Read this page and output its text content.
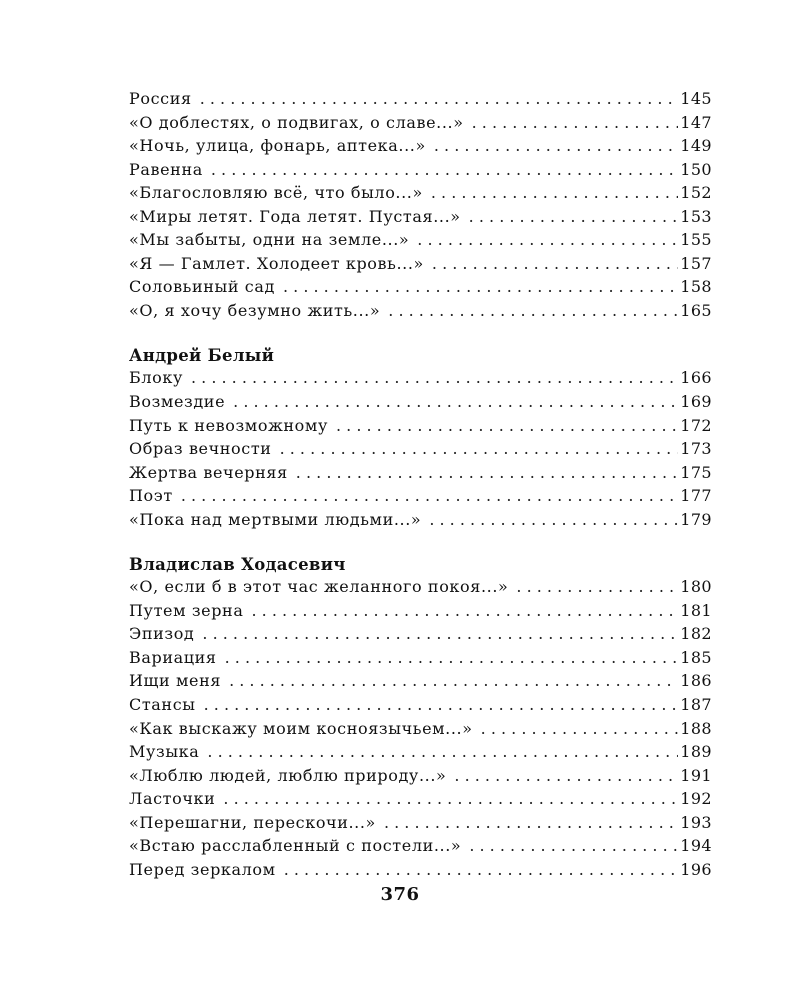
Россия . . .	145
«О доблестях, о подвигах, о славе...» . . .	147
«Ночь, улица, фонарь, аптека...» . . .	149
Равенна . . .	150
«Благословляю всё, что было...» . . .	152
«Миры летят. Года летят. Пустая...» . . .	153
«Мы забыты, одни на земле...» . . .	155
«Я — Гамлет. Холодеет кровь...» . . .	157
Соловьиный сад . . .	158
«О, я хочу безумно жить...» . . .	165
Андрей Белый
Блоку . . .	166
Возмездие . . .	169
Путь к невозможному . . .	172
Образ вечности . . .	173
Жертва вечерняя . . .	175
Поэт . . .	177
«Пока над мертвыми людьми...» . . .	179
Владислав Ходасевич
«О, если б в этот час желанного покоя...» . . .	180
Путем зерна . . .	181
Эпизод . . .	182
Вариация . . .	185
Ищи меня . . .	186
Стансы . . .	187
«Как выскажу моим косноязычьем...» . . .	188
Музыка . . .	189
«Люблю людей, люблю природу...» . . .	191
Ласточки . . .	192
«Перешагни, перескочи...» . . .	193
«Встаю расслабленный с постели...» . . .	194
Перед зеркалом . . .	196
376
